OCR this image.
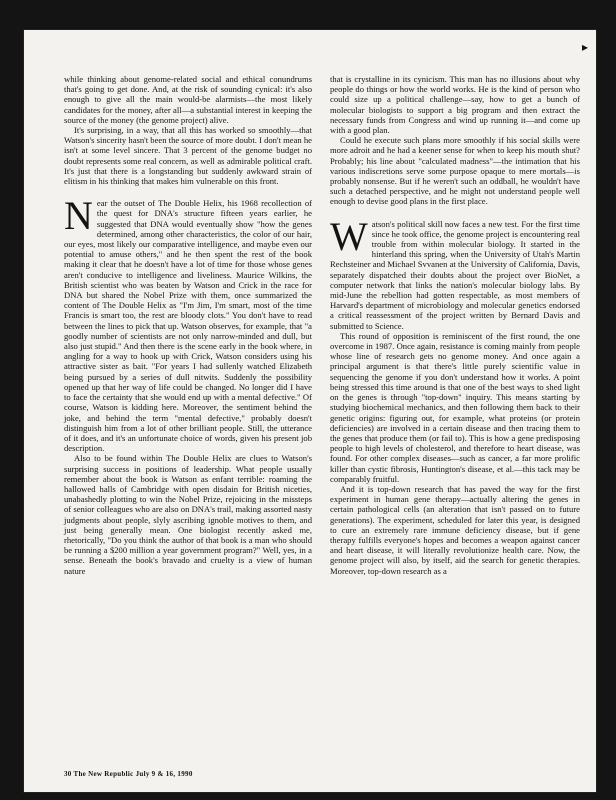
▸

while thinking about genome-related social and ethical conundrums that's going to get done. And, at the risk of sounding cynical: it's also enough to give all the main would-be alarmists—the most likely candidates for the money, after all—a substantial interest in keeping the source of the money (the genome project) alive.

It's surprising, in a way, that all this has worked so smoothly—that Watson's sincerity hasn't been the source of more doubt. I don't mean he isn't at some level sincere. That 3 percent of the genome budget no doubt represents some real concern, as well as admirable political craft. It's just that there is a longstanding but suddenly awkward strain of elitism in his thinking that makes him vulnerable on this front.

Near the outset of The Double Helix, his 1968 recollection of the quest for DNA's structure fifteen years earlier, he suggested that DNA would eventually show "how the genes determined, among other characteristics, the color of our hair, our eyes, most likely our comparative intelligence, and maybe even our potential to amuse others," and he then spent the rest of the book making it clear that he doesn't have a lot of time for those whose genes aren't conducive to intelligence and liveliness. Maurice Wilkins, the British scientist who was beaten by Watson and Crick in the race for DNA but shared the Nobel Prize with them, once summarized the content of The Double Helix as "I'm Jim, I'm smart, most of the time Francis is smart too, the rest are bloody clots." You don't have to read between the lines to pick that up. Watson observes, for example, that "a goodly number of scientists are not only narrow-minded and dull, but also just stupid." And then there is the scene early in the book where, in angling for a way to hook up with Crick, Watson considers using his attractive sister as bait. "For years I had sullenly watched Elizabeth being pursued by a series of dull nitwits. Suddenly the possibility opened up that her way of life could be changed. No longer did I have to face the certainty that she would end up with a mental defective." Of course, Watson is kidding here. Moreover, the sentiment behind the joke, and behind the term "mental defective," probably doesn't distinguish him from a lot of other brilliant people. Still, the utterance of it does, and it's an unfortunate choice of words, given his present job description.

Also to be found within The Double Helix are clues to Watson's surprising success in positions of leadership. What people usually remember about the book is Watson as enfant terrible: roaming the hallowed halls of Cambridge with open disdain for British niceties, unabashedly plotting to win the Nobel Prize, rejoicing in the missteps of senior colleagues who are also on DNA's trail, making assorted nasty judgments about people, slyly ascribing ignoble motives to them, and just being generally mean. One biologist recently asked me, rhetorically, "Do you think the author of that book is a man who should be running a $200 million a year government program?" Well, yes, in a sense. Beneath the book's bravado and cruelty is a view of human nature

that is crystalline in its cynicism. This man has no illusions about why people do things or how the world works. He is the kind of person who could size up a political challenge—say, how to get a bunch of molecular biologists to support a big program and then extract the necessary funds from Congress and wind up running it—and come up with a good plan.

Could he execute such plans more smoothly if his social skills were more adroit and he had a keener sense for when to keep his mouth shut? Probably; his line about "calculated madness"—the intimation that his various indiscretions serve some purpose opaque to mere mortals—is probably nonsense. But if he weren't such an oddball, he wouldn't have such a detached perspective, and he might not understand people well enough to devise good plans in the first place.

Watson's political skill now faces a new test. For the first time since he took office, the genome project is encountering real trouble from within molecular biology. It started in the hinterland this spring, when the University of Utah's Martin Rechsteiner and Michael Svvanen at the University of California, Davis, separately dispatched their doubts about the project over BioNet, a computer network that links the nation's molecular biology labs. By mid-June the rebellion had gotten respectable, as most members of Harvard's department of microbiology and molecular genetics endorsed a critical reassessment of the project written by Bernard Davis and submitted to Science.

This round of opposition is reminiscent of the first round, the one overcome in 1987. Once again, resistance is coming mainly from people whose line of research gets no genome money. And once again a principal argument is that there's little purely scientific value in sequencing the genome if you don't understand how it works. A point being stressed this time around is that one of the best ways to shed light on the genes is through "top-down" inquiry. This means starting by studying biochemical mechanics, and then following them back to their genetic origins: figuring out, for example, what proteins (or protein deficiencies) are involved in a certain disease and then tracing them to the genes that produce them (or fail to). This is how a gene predisposing people to high levels of cholesterol, and therefore to heart disease, was found. For other complex diseases—such as cancer, a far more prolific killer than cystic fibrosis, Huntington's disease, et al.—this tack may be comparably fruitful.

And it is top-down research that has paved the way for the first experiment in human gene therapy—actually altering the genes in certain pathological cells (an alteration that isn't passed on to future generations). The experiment, scheduled for later this year, is designed to cure an extremely rare immune deficiency disease, but if gene therapy fulfills everyone's hopes and becomes a weapon against cancer and heart disease, it will literally revolutionize health care. Now, the genome project will also, by itself, aid the search for genetic therapies. Moreover, top-down research as a

30 The New Republic July 9 & 16, 1990
